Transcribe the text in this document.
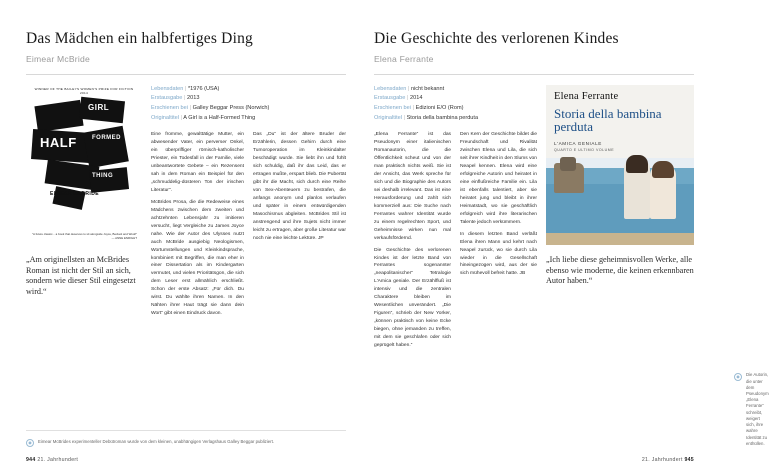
Das Mädchen ein halbfertiges Ding
Eimear McBride
WINNER OF THE BAILEYS WOMEN'S PRIZE FOR FICTION 2014
GIRL
HALF	FORMED
THING
EIMEAR McBRIDE
"A future classic... a book that deserves to sit alongside Joyce, Beckett and Woolf" — ANNE ENRIGHT
„Am originellsten an McBrides Roman ist nicht der Stil an sich, sondern wie dieser Stil eingesetzt wird.“
Lebensdaten | *1976 (USA)
Erstausgabe | 2013
Erschienen bei | Galley Beggar Press (Norwich)
Originaltitel | A Girl is a Half-Formed Thing

Eine fromme, gewalttätige Mutter, ein abwesender Vater, ein perverser Onkel, ein überpriffiger römisch-katholischer Priester, ein Todesfall in der Familie, viele unbeantwortete Gebete – ein Rezensent sah in dem Roman ein Beispiel für den „schmuddelig-düsteren Ton der irischen Literatur“.

McBrides Prosa, die die Redeweise eines Mädchens zwischen dem zweiten und achtzehnten Lebensjahr zu imitieren versucht, liegt Vergleiche zu James Joyce nahe. Wie der Autor des Ulysses nutzt auch McBride ausgiebig Neologismen, Wortumstellungen und Kleinkindsprache, kombiniert mit Begriffen, die man eher in einer Dissertation als im Kindergarten vermutet, und vielen Prioritätsgon, die sich dem Leser erst allmählich erschließt. Schon der erste Absatz: „Für dich. Du wirst. Du wählte ihren Namen. In den Nähten ihrer Haut trägt sie dann dein Wort“ gibt einen Eindruck davon.

Das „Du“ ist der ältere Bruder der Erzählerin, dessen Gehirn durch eine Tumoroperation im Kleinkindalter beschädigt wurde. Sie liebt ihn und fühlt sich schuldig, daß ihr das Leid, das er ertragen mußte, erspart blieb. Die Pubertät gibt ihr die Macht, sich durch eine Reihe von Sex-Abenteuern zu bestrafen, die anfangs anonym und planlos verlaufen und später in einem entwürdigenden Masochismus abgleiten. McBrides Stil ist anstrengend und ihre Sujets nicht immer leicht zu ertragen, aber große Literatur war noch nie eine leichte Lektüre. JP

◉	Eimear McBrides experimenteller Debütroman wurde von dem kleinen, unabhängigen Verlagshaus Galley Beggar publiziert.
944 21. Jahrhundert
Die Geschichte des verlorenen Kindes
Elena Ferrante
Lebensdaten | nicht bekannt
Erstausgabe | 2014
Erschienen bei | Edizioni E/O (Rom)
Originaltitel | Storia della bambina perduta

„Elena Ferrante“ ist das Pseudonym einer italienischen Romanautorin, die die Öffentlichkeit scheut und von der man praktisch nichts weiß. Sie ist der Ansicht, das Werk spreche für sich und die Biographie des Autors sei deshalb irrelevant. Das ist eine Herausforderung und zahlt sich kommerziell aus: Die Suche nach Ferrantes wahrer Identität wurde zu einem regelrechten Sport, und Geheimnisse wirken nun mal verkaufsfördernd.

Die Geschichte des verlorenen Kindes ist der letzte Band von Ferrantes sogenannter „neapolitanischer“ Tetralogie L'Amica geniale. Der Erzählfluß ist intensiv und die zentralen Charaktere bleiben im Wesentlichen unverändert. „Die Figuren“, schrieb der New Yorker, „können praktisch von keine Ecke biegen, ohne jemanden zu treffen, mit dem sie geschlafen oder sich geprügelt haben.“

Den Kern der Geschichte bildet die Freundschaft und Rivalität zwischen Elena und Lila, die sich seit ihrer Kindheit in den Slums von Neapel kennen. Elena wird eine erfolgreiche Autorin und heiratet in eine einflußreiche Familie ein. Lila ist ebenfalls talentiert, aber sie heiratet jung und bleibt in ihrer Heimatstadt, wo sie geschäftlich erfolgreich wird ihre literarischen Talente jedoch verkümmern.

In diesem letzten Band verläßt Elena ihren Mann und kehrt nach Neapel zurück, wo sie durch Lila wieder in die Gesellschaft hineingezogen wird, aus der sie sich mühevoll befreit hatte. JB

Elena Ferrante
Storia della bambina perduta
L'AMICA GENIALE
QUARTO E ULTIMO VOLUME
„Ich liebe diese geheimnisvollen Werke, alle ebenso wie moderne, die keinen erkennbaren Autor haben.“
◉	Die Autorin, die unter dem Pseudonym „Elena Ferrante“ schreibt, weigert sich, ihre wahre Identität zu enthüllen.
21. Jahrhundert 945
